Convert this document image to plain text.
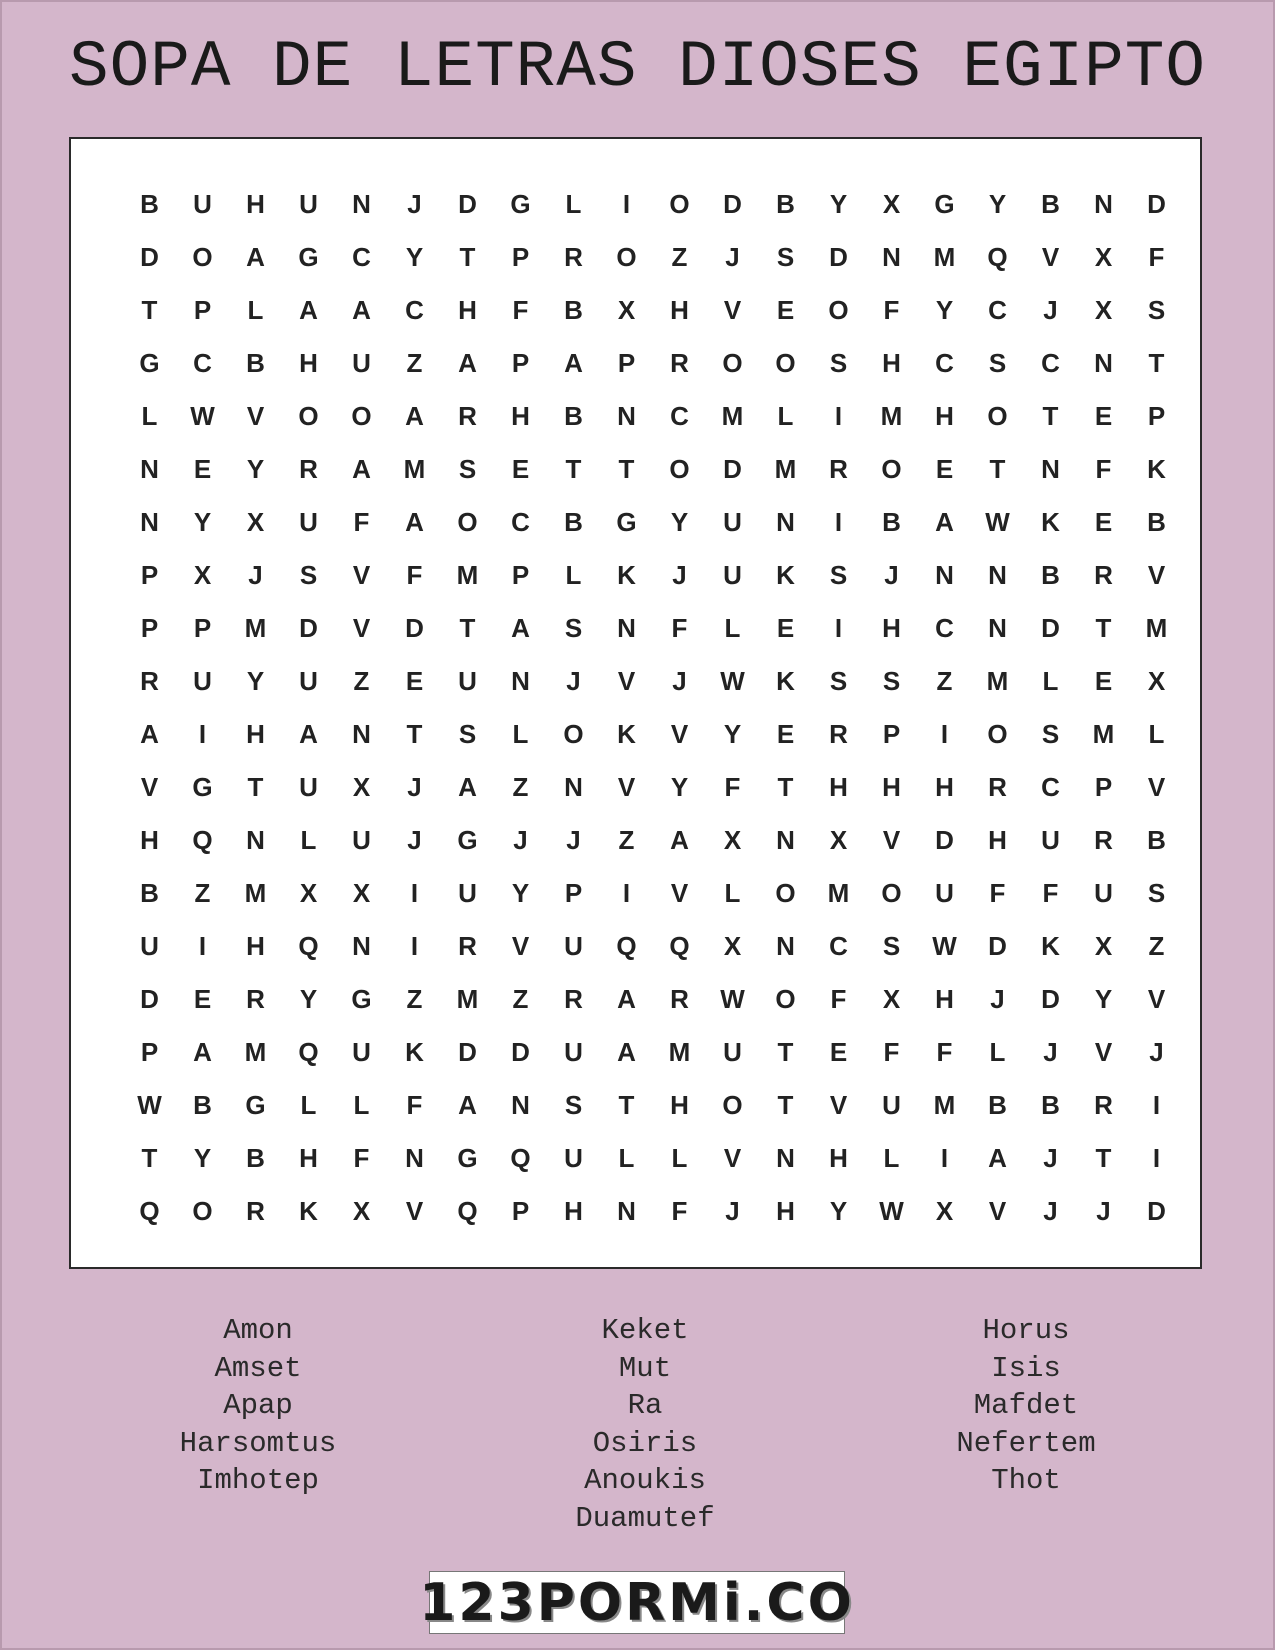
SOPA DE LETRAS DIOSES EGIPTO
B	U	H	U	N	J	D	G	L	I	O	D	B	Y	X	G	Y	B	N	D
D	O	A	G	C	Y	T	P	R	O	Z	J	S	D	N	M	Q	V	X	F
T	P	L	A	A	C	H	F	B	X	H	V	E	O	F	Y	C	J	X	S
G	C	B	H	U	Z	A	P	A	P	R	O	O	S	H	C	S	C	N	T
L	W	V	O	O	A	R	H	B	N	C	M	L	I	M	H	O	T	E	P
N	E	Y	R	A	M	S	E	T	T	O	D	M	R	O	E	T	N	F	K
N	Y	X	U	F	A	O	C	B	G	Y	U	N	I	B	A	W	K	E	B
P	X	J	S	V	F	M	P	L	K	J	U	K	S	J	N	N	B	R	V
P	P	M	D	V	D	T	A	S	N	F	L	E	I	H	C	N	D	T	M
R	U	Y	U	Z	E	U	N	J	V	J	W	K	S	S	Z	M	L	E	X
A	I	H	A	N	T	S	L	O	K	V	Y	E	R	P	I	O	S	M	L
V	G	T	U	X	J	A	Z	N	V	Y	F	T	H	H	H	R	C	P	V
H	Q	N	L	U	J	G	J	J	Z	A	X	N	X	V	D	H	U	R	B
B	Z	M	X	X	I	U	Y	P	I	V	L	O	M	O	U	F	F	U	S
U	I	H	Q	N	I	R	V	U	Q	Q	X	N	C	S	W	D	K	X	Z
D	E	R	Y	G	Z	M	Z	R	A	R	W	O	F	X	H	J	D	Y	V
P	A	M	Q	U	K	D	D	U	A	M	U	T	E	F	F	L	J	V	J
W	B	G	L	L	F	A	N	S	T	H	O	T	V	U	M	B	B	R	I
T	Y	B	H	F	N	G	Q	U	L	L	V	N	H	L	I	A	J	T	I
Q	O	R	K	X	V	Q	P	H	N	F	J	H	Y	W	X	V	J	J	D
Amon
Amset
Apap
Harsomtus
Imhotep
Keket
Mut
Ra
Osiris
Anoukis
Duamutef
Horus
Isis
Mafdet
Nefertem
Thot
123PORMi.CO
